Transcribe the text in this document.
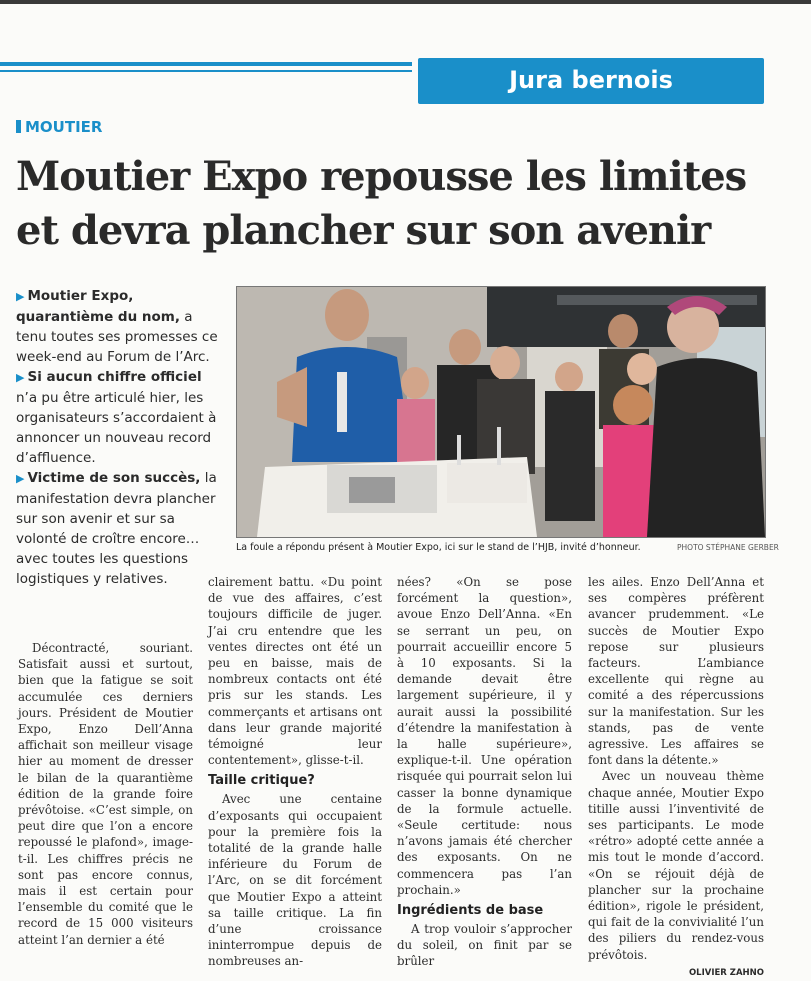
Jura bernois
MOUTIER
Moutier Expo repousse les limites
et devra plancher sur son avenir

▶ Moutier Expo, quarantième du nom, a tenu toutes ses promesses ce week-end au Forum de l’Arc.

▶ Si aucun chiffre officiel n’a pu être articulé hier, les organisateurs s’accordaient à annoncer un nouveau record d’affluence.

▶ Victime de son succès, la manifestation devra plancher sur son avenir et sur sa volonté de croître encore… avec toutes les questions logistiques y relatives.

La foule a répondu présent à Moutier Expo, ici sur le stand de l’HJB, invité d’honneur.	PHOTO STÉPHANE GERBER

Décontracté, souriant. Satisfait aussi et surtout, bien que la fatigue se soit accumulée ces derniers jours. Président de Moutier Expo, Enzo Dell’Anna affichait son meilleur visage hier au moment de dresser le bilan de la quarantième édition de la grande foire prévôtoise. «C’est simple, on peut dire que l’on a encore repoussé le plafond», image-t-il. Les chiffres précis ne sont pas encore connus, mais il est certain pour l’ensemble du comité que le record de 15 000 visiteurs atteint l’an dernier a été

clairement battu. «Du point de vue des affaires, c’est toujours difficile de juger. J’ai cru entendre que les ventes directes ont été un peu en baisse, mais de nombreux contacts ont été pris sur les stands. Les commerçants et artisans ont dans leur grande majorité témoigné leur contentement», glisse-t-il.

Taille critique?

Avec une centaine d’exposants qui occupaient pour la première fois la totalité de la grande halle inférieure du Forum de l’Arc, on se dit forcément que Moutier Expo a atteint sa taille critique. La fin d’une croissance ininterrompue depuis de nombreuses an-

nées? «On se pose forcément la question», avoue Enzo Dell’Anna. «En se serrant un peu, on pourrait accueillir encore 5 à 10 exposants. Si la demande devait être largement supérieure, il y aurait aussi la possibilité d’étendre la manifestation à la halle supérieure», explique-t-il. Une opération risquée qui pourrait selon lui casser la bonne dynamique de la formule actuelle. «Seule certitude: nous n’avons jamais été chercher des exposants. On ne commencera pas l’an prochain.»

Ingrédients de base

A trop vouloir s’approcher du soleil, on finit par se brûler

les ailes. Enzo Dell’Anna et ses compères préfèrent avancer prudemment. «Le succès de Moutier Expo repose sur plusieurs facteurs. L’ambiance excellente qui règne au comité a des répercussions sur la manifestation. Sur les stands, pas de vente agressive. Les affaires se font dans la détente.»

Avec un nouveau thème chaque année, Moutier Expo titille aussi l’inventivité de ses participants. Le mode «rétro» adopté cette année a mis tout le monde d’accord. «On se réjouit déjà de plancher sur la prochaine édition», rigole le président, qui fait de la convivialité l’un des piliers du rendez-vous prévôtois.

OLIVIER ZAHNO
